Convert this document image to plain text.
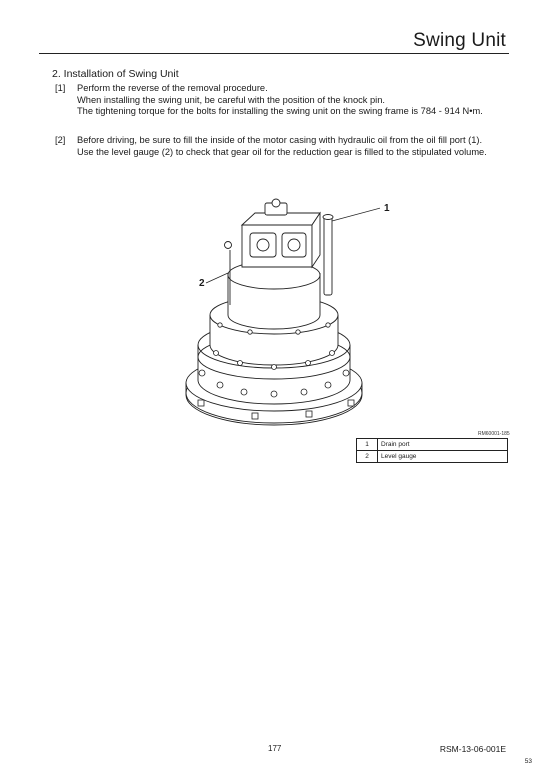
Swing Unit
2. Installation of Swing Unit
[1]	Perform the reverse of the removal procedure.
When installing the swing unit, be careful with the position of the knock pin.
The tightening torque for the bolts for installing the swing unit on the swing frame is 784 - 914 N•m.
[2]	Before driving, be sure to fill the inside of the motor casing with hydraulic oil from the oil fill port (1).
Use the level gauge (2) to check that gear oil for the reduction gear is filled to the stipulated volume.
1
2
RM60001-185
1	Drain port
2	Level gauge
177	RSM-13-06-001E
53
